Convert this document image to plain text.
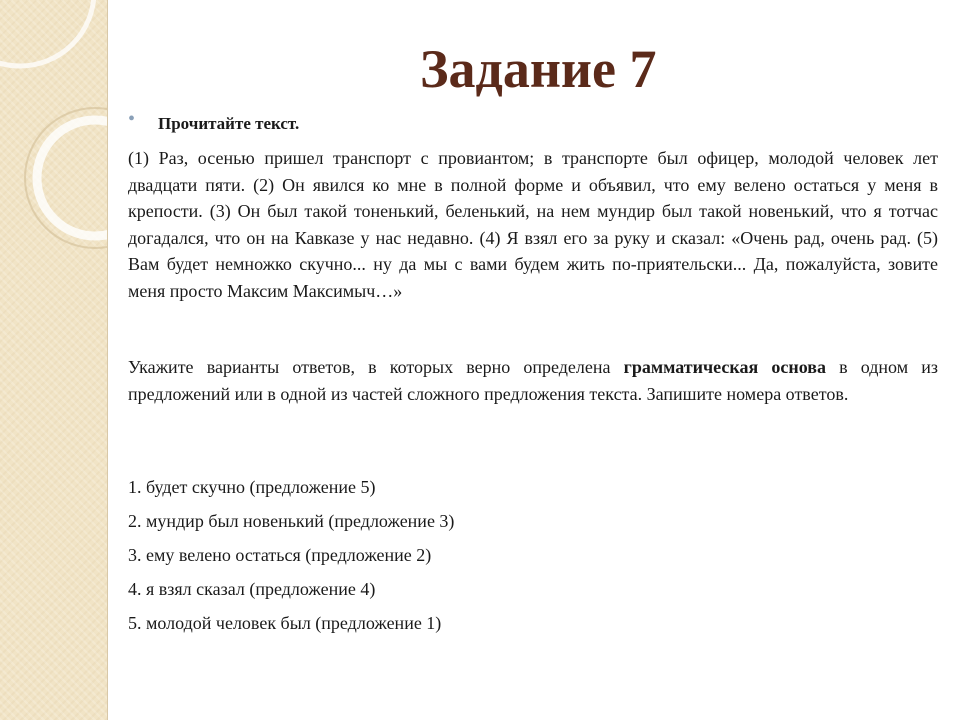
Задание 7
• Прочитайте текст.
(1) Раз, осенью пришел транспорт с провиантом; в транспорте был офицер, молодой человек лет двадцати пяти. (2) Он явился ко мне в полной форме и объявил, что ему велено остаться у меня в крепости. (3) Он был такой тоненький, беленький, на нем мундир был такой новенький, что я тотчас догадался, что он на Кавказе у нас недавно. (4) Я взял его за руку и сказал: «Очень рад, очень рад. (5) Вам будет немножко скучно... ну да мы с вами будем жить по-приятельски... Да, пожалуйста, зовите меня просто Максим Максимыч…»
Укажите варианты ответов, в которых верно определена грамматическая основа в одном из предложений или в одной из частей сложного предложения текста. Запишите номера ответов.
1. будет скучно (предложение 5)
2. мундир был новенький (предложение 3)
3. ему велено остаться (предложение 2)
4. я взял сказал (предложение 4)
5. молодой человек был (предложение 1)
